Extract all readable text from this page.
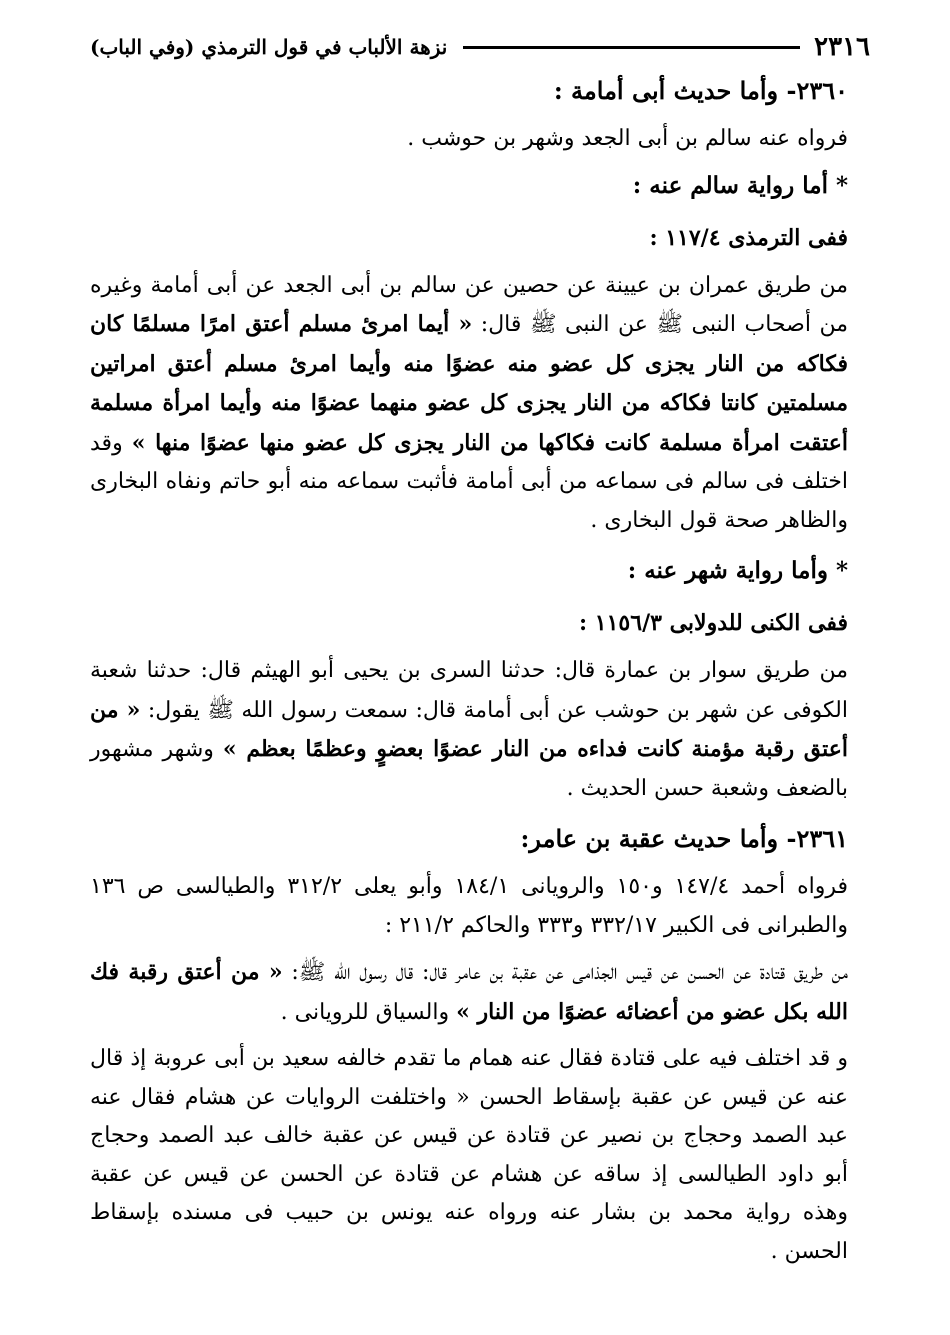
٢٣١٦
نزهة الألباب في قول الترمذي (وفي الباب)
٢٣٦٠- وأما حديث أبى أمامة :
فرواه عنه سالم بن أبى الجعد وشهر بن حوشب .
* أما رواية سالم عنه :
ففى الترمذى ١١٧/٤ :

من طريق عمران بن عيينة عن حصين عن سالم بن أبى الجعد عن أبى أمامة وغيره من أصحاب النبى ﷺ عن النبى ﷺ قال: « أيما امرئ مسلم أعتق امرًا مسلمًا كان فكاكه من النار يجزى كل عضو منه عضوًا منه وأيما امرئ مسلم أعتق امراتين مسلمتين كانتا فكاكه من النار يجزى كل عضو منهما عضوًا منه وأيما امرأة مسلمة أعتقت امرأة مسلمة كانت فكاكها من النار يجزى كل عضو منها عضوًا منها » وقد اختلف فى سالم فى سماعه من أبى أمامة فأثبت سماعه منه أبو حاتم ونفاه البخارى والظاهر صحة قول البخارى .

* وأما رواية شهر عنه :
ففى الكنى للدولابى ١١٥٦/٣ :

من طريق سوار بن عمارة قال: حدثنا السرى بن يحيى أبو الهيثم قال: حدثنا شعبة الكوفى عن شهر بن حوشب عن أبى أمامة قال: سمعت رسول الله ﷺ يقول: « من أعتق رقبة مؤمنة كانت فداءه من النار عضوًا بعضوٍ وعظمًا بعظم » وشهر مشهور بالضعف وشعبة حسن الحديث .

٢٣٦١- وأما حديث عقبة بن عامر:

فرواه أحمد ١٤٧/٤ و١٥٠ والرويانى ١٨٤/١ وأبو يعلى ٣١٢/٢ والطيالسى ص ١٣٦ والطبرانى فى الكبير ٣٣٢/١٧ و٣٣٣ والحاكم ٢١١/٢ :

من طريق قتادة عن الحسن عن قيس الجذامى عن عقبة بن عامر قال: قال رسول الله ﷺ: « من أعتق رقبة فك الله بكل عضو من أعضائه عضوًا من النار » والسياق للرويانى .

و قد اختلف فيه على قتادة فقال عنه همام ما تقدم خالفه سعيد بن أبى عروبة إذ قال عنه عن قيس عن عقبة بإسقاط الحسن « واختلفت الروايات عن هشام فقال عنه عبد الصمد وحجاج بن نصير عن قتادة عن قيس عن عقبة خالف عبد الصمد وحجاج أبو داود الطيالسى إذ ساقه عن هشام عن قتادة عن الحسن عن قيس عن عقبة وهذه رواية محمد بن بشار عنه ورواه عنه يونس بن حبيب فى مسنده بإسقاط الحسن .
